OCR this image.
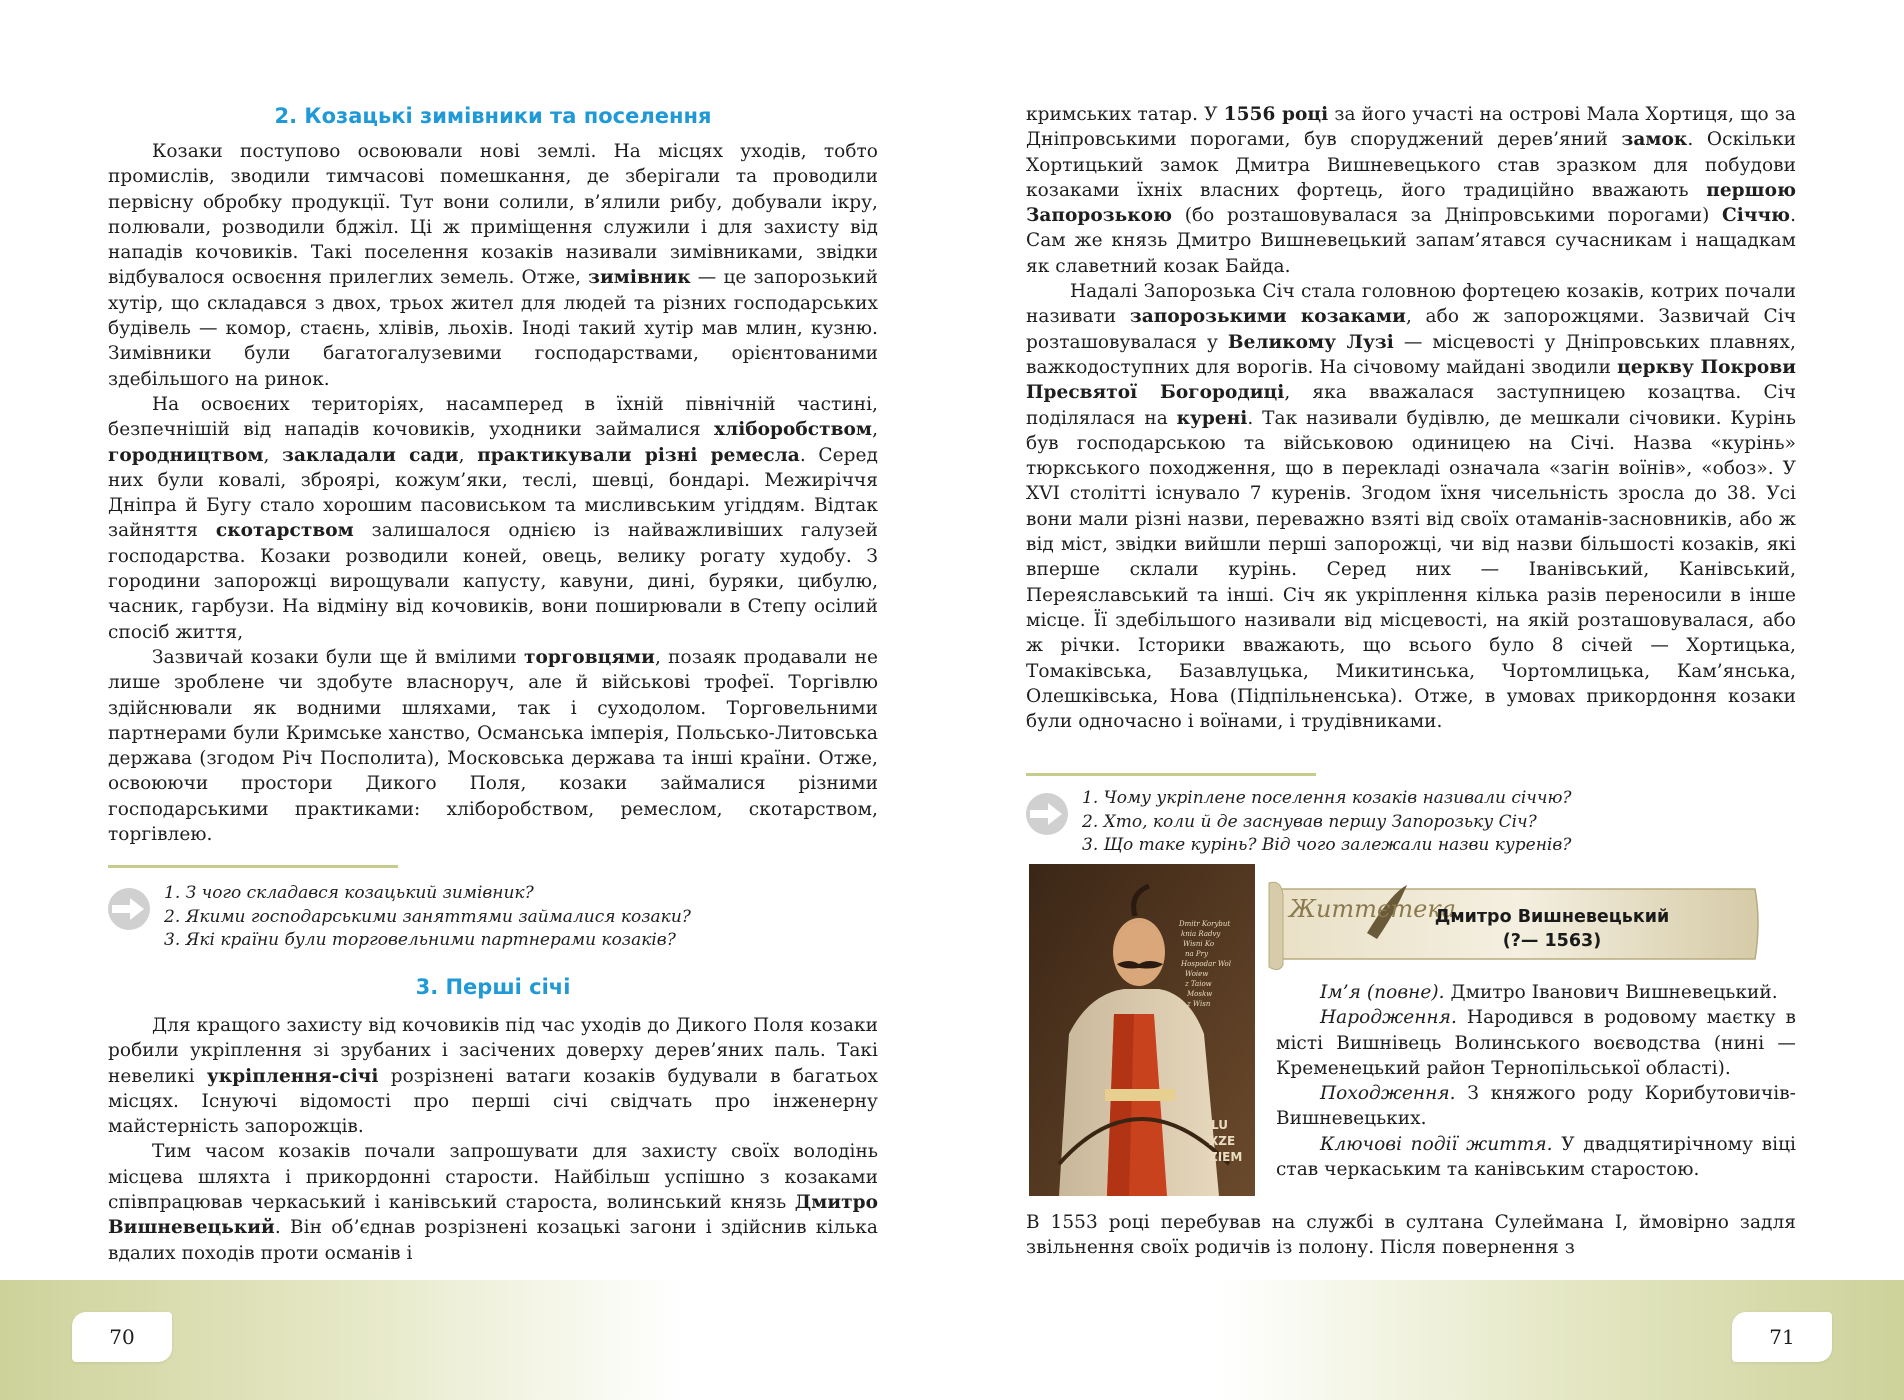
70
2. Козацькі зимівники та поселення

Козаки поступово освоювали нові землі. На місцях уходів, тобто промислів, зводили тимчасові помешкання, де зберігали та проводили первісну обробку продукції. Тут вони солили, в’ялили рибу, добували ікру, полювали, розводили бджіл. Ці ж приміщення служили і для захисту від нападів кочовиків. Такі поселення козаків називали зимівниками, звідки відбувалося освоєння прилеглих земель. Отже, зимівник — це запорозький хутір, що складався з двох, трьох жител для людей та різних господарських будівель — комор, стаєнь, хлівів, льохів. Іноді такий хутір мав млин, кузню. Зимівники були багатогалузевими господарствами, орієнтованими здебільшого на ринок.

На освоєних територіях, насамперед в їхній північній частині, безпечнішій від нападів кочовиків, уходники займалися хліборобством, городництвом, закладали сади, практикували різні ремесла. Серед них були ковалі, зброярі, кожум’яки, теслі, шевці, бондарі. Межиріччя Дніпра й Бугу стало хорошим пасовиськом та мисливським угіддям. Відтак зайняття скотарством залишалося однією із найважливіших галузей господарства. Козаки розводили коней, овець, велику рогату худобу. З городини запорожці вирощували капусту, кавуни, дині, буряки, цибулю, часник, гарбузи. На відміну від кочовиків, вони поширювали в Степу осілий спосіб життя,

Зазвичай козаки були ще й вмілими торговцями, позаяк продавали не лише зроблене чи здобуте власноруч, але й військові трофеї. Торгівлю здійснювали як водними шляхами, так і суходолом. Торговельними партнерами були Кримське ханство, Османська імперія, Польсько-Литовська держава (згодом Річ Посполита), Московська держава та інші країни. Отже, освоюючи простори Дикого Поля, козаки займалися різними господарськими практиками: хліборобством, ремеслом, скотарством, торгівлею.

1. З чого складався козацький зимівник?
2. Якими господарськими заняттями займалися козаки?
3. Які країни були торговельними партнерами козаків?
3. Перші січі

Для кращого захисту від кочовиків під час уходів до Дикого Поля козаки робили укріплення зі зрубаних і засічених доверху дерев’яних паль. Такі невеликі укріплення-січі розрізнені ватаги козаків будували в багатьох місцях. Існуючі відомості про перші січі свідчать про інженерну майстерність запорожців.

Тим часом козаків почали запрошувати для захисту своїх володінь місцева шляхта і прикордонні старости. Найбільш успішно з козаками співпрацював черкаський і канівський староста, волинський князь Дмитро Вишневецький. Він об’єднав розрізнені козацькі загони і здійснив кілька вдалих походів проти османів і

71

кримських татар. У 1556 році за його участі на острові Мала Хортиця, що за Дніпровськими порогами, був споруджений дерев’яний замок. Оскільки Хортицький замок Дмитра Вишневецького став зразком для побудови козаками їхніх власних фортець, його традиційно вважають першою Запорозькою (бо розташовувалася за Дніпровськими порогами) Січчю. Сам же князь Дмитро Вишневецький запам’ятався сучасникам і нащадкам як славетний козак Байда.

Надалі Запорозька Січ стала головною фортецею козаків, котрих почали називати запорозькими козаками, або ж запорожцями. Зазвичай Січ розташовувалася у Великому Лузі — місцевості у Дніпровських плавнях, важкодоступних для ворогів. На січовому майдані зводили церкву Покрови Пресвятої Богородиці, яка вважалася заступницею козацтва. Січ поділялася на курені. Так називали будівлю, де мешкали січовики. Курінь був господарською та військовою одиницею на Січі. Назва «курінь» тюркського походження, що в перекладі означала «загін воїнів», «обоз». У XVI столітті існувало 7 куренів. Згодом їхня чисельність зросла до 38. Усі вони мали різні назви, переважно взяті від своїх отаманів-засновників, або ж від міст, звідки вийшли перші запорожці, чи від назви більшості козаків, які вперше склали курінь. Серед них — Іванівський, Канівський, Переяславський та інші. Січ як укріплення кілька разів переносили в інше місце. Її здебільшого називали від місцевості, на якій розташовувалася, або ж річки. Історики вважають, що всього було 8 січей — Хортицька, Томаківська, Базавлуцька, Микитинська, Чортомлицька, Кам’янська, Олешківська, Нова (Підпільненська). Отже, в умовах прикордоння козаки були одночасно і воїнами, і трудівниками.

1. Чому укріплене поселення козаків називали січчю?
2. Хто, коли й де заснував першу Запорозьку Січ?
3. Що таке курінь? Від чого залежали назви куренів?
Dmitr Korybut
knia Radvy
Wisni Ko
na Pry
Hospodar Wol
Woiew
z Taiow
Moskw
z Wisn
LU
XZE
ZIEM
Життєтека
Дмитро Вишневецький
(?— 1563)

Ім’я (повне). Дмитро Іванович Вишневецький.

Народження. Народився в родовому маєтку в місті Вишнівець Волинського воєводства (нині — Кременецький район Тернопільської області).

Походження. З княжого роду Корибутовичів-Вишневецьких.

Ключові події життя. У двадцятирічному віці став черкаським та канівським старостою.

В 1553 році перебував на службі в султана Сулеймана I, ймовірно задля звільнення своїх родичів із полону. Після повернення з
